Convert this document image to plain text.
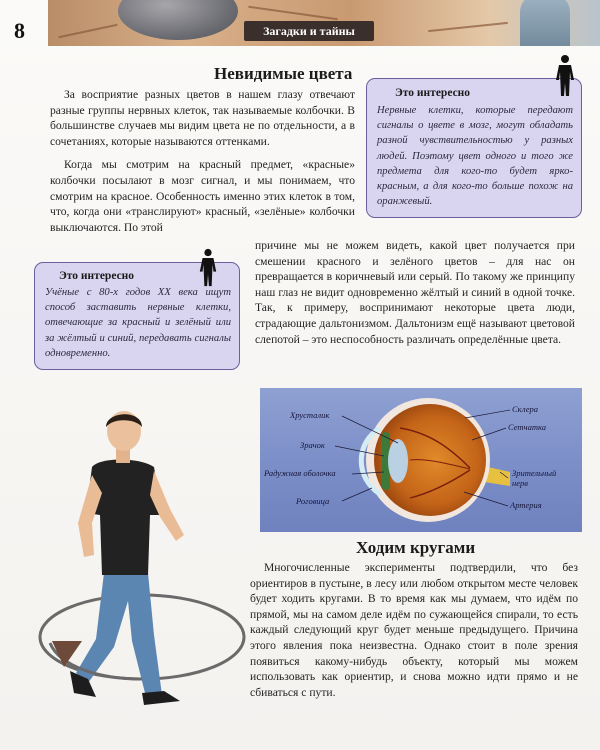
8	Загадки и тайны
Невидимые цвета

За восприятие разных цветов в нашем глазу отвечают разные группы нервных клеток, так называемые колбочки. В большинстве случаев мы видим цвета не по отдельности, а в сочетаниях, которые называются оттенками.

Когда мы смотрим на красный предмет, «красные» колбочки посылают в мозг сигнал, и мы понимаем, что смотрим на красное. Особенность именно этих клеток в том, что, когда они «транслируют» красный, «зелёные» колбочки выключаются. По этой

Это интересно
Нервные клетки, которые передают сигналы о цвете в мозг, могут обладать разной чувствительностью у разных людей. Поэтому цвет одного и того же предмета для кого-то будет ярко-красным, а для кого-то больше похож на оранжевый.
Это интересно
Учёные с 80-х годов XX века ищут способ заставить нервные клетки, отвечающие за красный и зелёный или за жёлтый и синий, передавать сигналы одновременно.

причине мы не можем видеть, какой цвет получается при смешении красного и зелёного цветов – для нас он превращается в коричневый или серый. По такому же принципу наш глаз не видит одновременно жёлтый и синий в одной точке. Так, к примеру, воспринимают некоторые цвета люди, страдающие дальтонизмом. Дальтонизм ещё называют цветовой слепотой – это неспособность различать определённые цвета.

Хрусталик
Склера
Сетчатка
Зрачок
Радужная оболочка	Зрительный нерв
Роговица	Артерия
Ходим кругами

Многочисленные эксперименты подтвердили, что без ориентиров в пустыне, в лесу или любом открытом месте человек будет ходить кругами. В то время как мы думаем, что идём по прямой, мы на самом деле идём по сужающейся спирали, то есть каждый следующий круг будет меньше предыдущего. Причина этого явления пока неизвестна. Однако стоит в поле зрения появиться какому-нибудь объекту, который мы можем использовать как ориентир, и снова можно идти прямо и не сбиваться с пути.
